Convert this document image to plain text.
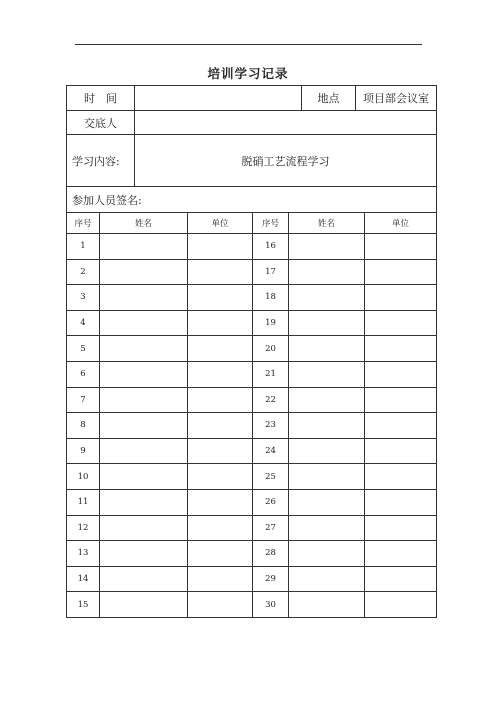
培训学习记录
时　间		地点	项目部会议室
交底人			
学习内容:	脱硝工艺流程学习		
参加人员签名:			
序号	姓名	单位	序号	姓名	单位
1			16		
2			17		
3			18		
4			19		
5			20		
6			21		
7			22		
8			23		
9			24		
10			25		
11			26		
12			27		
13			28		
14			29		
15			30		
